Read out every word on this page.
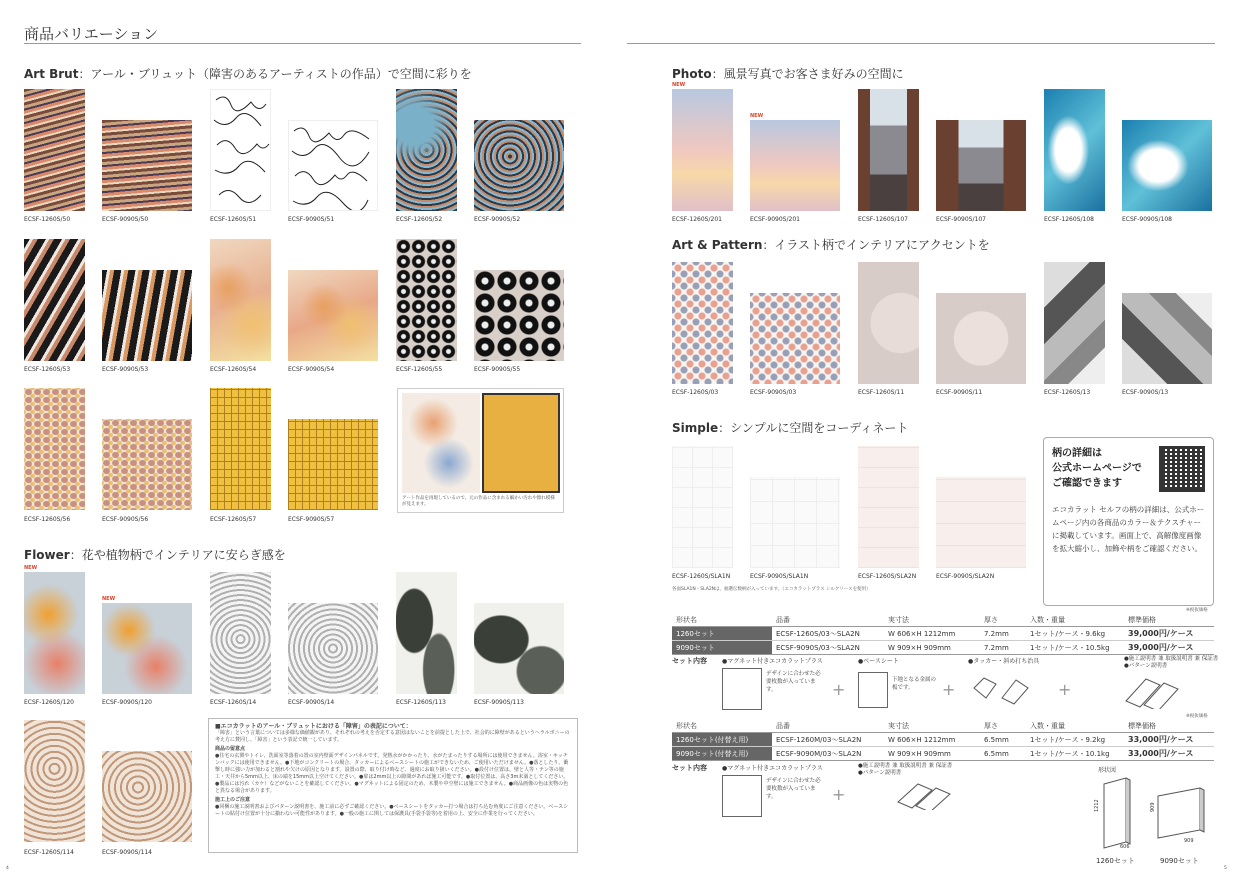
商品バリエーション
Art Brut：アール・ブリュット（障害のあるアーティストの作品）で空間に彩りを
ECSF-1260S/50	ECSF-9090S/50	ECSF-1260S/51	ECSF-9090S/51	ECSF-1260S/52	ECSF-9090S/52
ECSF-1260S/53	ECSF-9090S/53	ECSF-1260S/54	ECSF-9090S/54	ECSF-1260S/55	ECSF-9090S/55
アート作品を再現しているので、元の作品に含まれる細かい汚れや擦れ模様が見えます。
ECSF-1260S/56	ECSF-9090S/56	ECSF-1260S/57	ECSF-9090S/57
Flower：花や植物柄でインテリアに安らぎ感を
NEW
NEW
ECSF-1260S/120	ECSF-9090S/120	ECSF-1260S/14	ECSF-9090S/14	ECSF-1260S/113	ECSF-9090S/113
ECSF-1260S/114	ECSF-9090S/114
■エコカラットのアール・ブリュットにおける「障害」の表記について：
「障害」という言葉については多様な価値観があり、それぞれの考えを否定する意図はないことを前提とした上で、社会的に障壁があるというヘラルボニーの考え方に賛同し、「障害」という表記で統一しています。
商品の留意点
●住宅の玄関やトイレ、洗面室等落着の置の室内壁面デザインパネルです。発熱水がかかったり、水がたまったりする場所には使用できません。浴室・キッチンバックには使用できません。●下地がコンクリートの場合、タッカーによるベースシートの施工ができないため、ご使用いただけません。●落としたり、衝撃し時に強い力が加わると割れや欠けの原因となります。設置の際、取り付け時など、過度にお取り扱いください。●設付け位置は、壁と人等・テン等の施工・天井から5mm以上、床の端を15mm以上空けてください。●扉は2mm以上の隙間があれば施工可能です。●取付位置は、高さ3m未満としてください。●製品には汚れ（カケ）などがないことを確認してください。●マグネットによる固定のため、木製や中空壁には施工できません。●商品画像の色は実物の色と異なる場合があります。
施工上のご注意
●同梱の施工説明書およびパターン説明書を、施工前に必ずご確認ください。●ベースシートをタッカー打つ場合は打ち込む角度にご注意ください。ベースシートの貼付け位置が十分に揃わない可能性があります。●一般の施工に関しては保護具(手袋手袋等)を着用の上、安全に作業を行ってください。
4
Photo：風景写真でお客さま好みの空間に
NEW
NEW
ECSF-1260S/201	ECSF-9090S/201	ECSF-1260S/107	ECSF-9090S/107	ECSF-1260S/108	ECSF-9090S/108
Art & Pattern：イラスト柄でインテリアにアクセントを
ECSF-1260S/03	ECSF-9090S/03	ECSF-1260S/11	ECSF-9090S/11	ECSF-1260S/13	ECSF-9090S/13
Simple：シンプルに空間をコーディネート
ECSF-1260S/SLA1N	ECSF-9090S/SLA1N	ECSF-1260S/SLA2N	ECSF-9090S/SLA2N
各面SLA1N・SLA2Nは、抽選伝数柄が入っています。（エコカラットプラス シルクリースを使用）
柄の詳細は
公式ホームページで
ご確認できます
エコカラット セルフの柄の詳細は、公式ホームページ内の各商品のカラー＆テクスチャーに掲載しています。画面上で、高解像度画像を拡大縮小し、加飾や柄をご確認ください。
※税抜価格
形状名	品番	実寸法	厚さ	入数・重量	標準価格
1260セット	ECSF-1260S/03〜SLA2N	W 606×H 1212mm	7.2mm	1セット/ケース・9.6kg	39,000円/ケース
9090セット	ECSF-9090S/03〜SLA2N	W 909×H 909mm	7.2mm	1セット/ケース・10.5kg	39,000円/ケース
セット内容	●マグネット付きエコカラットプラス
デザインに合わせた必要枚数が入っています。	+
●ベースシート
下地となる金属の板です。	+
●タッカー・斜め打ち治具
+
●施工説明書 兼 取扱説明書 兼 保証書
●パターン説明書
※税抜価格
形状名	品番	実寸法	厚さ	入数・重量	標準価格
1260セット(付替え用)	ECSF-1260M/03〜SLA2N	W 606×H 1212mm	6.5mm	1セット/ケース・9.2kg	33,000円/ケース
9090セット(付替え用)	ECSF-9090M/03〜SLA2N	W 909×H 909mm	6.5mm	1セット/ケース・10.1kg	33,000円/ケース
セット内容	●マグネット付きエコカラットプラス
デザインに合わせた必要枚数が入っています。	+
●施工説明書 兼 取扱説明書 兼 保証書
●パターン説明書	形状図
1212
606
909
909
1260セット	9090セット
5
